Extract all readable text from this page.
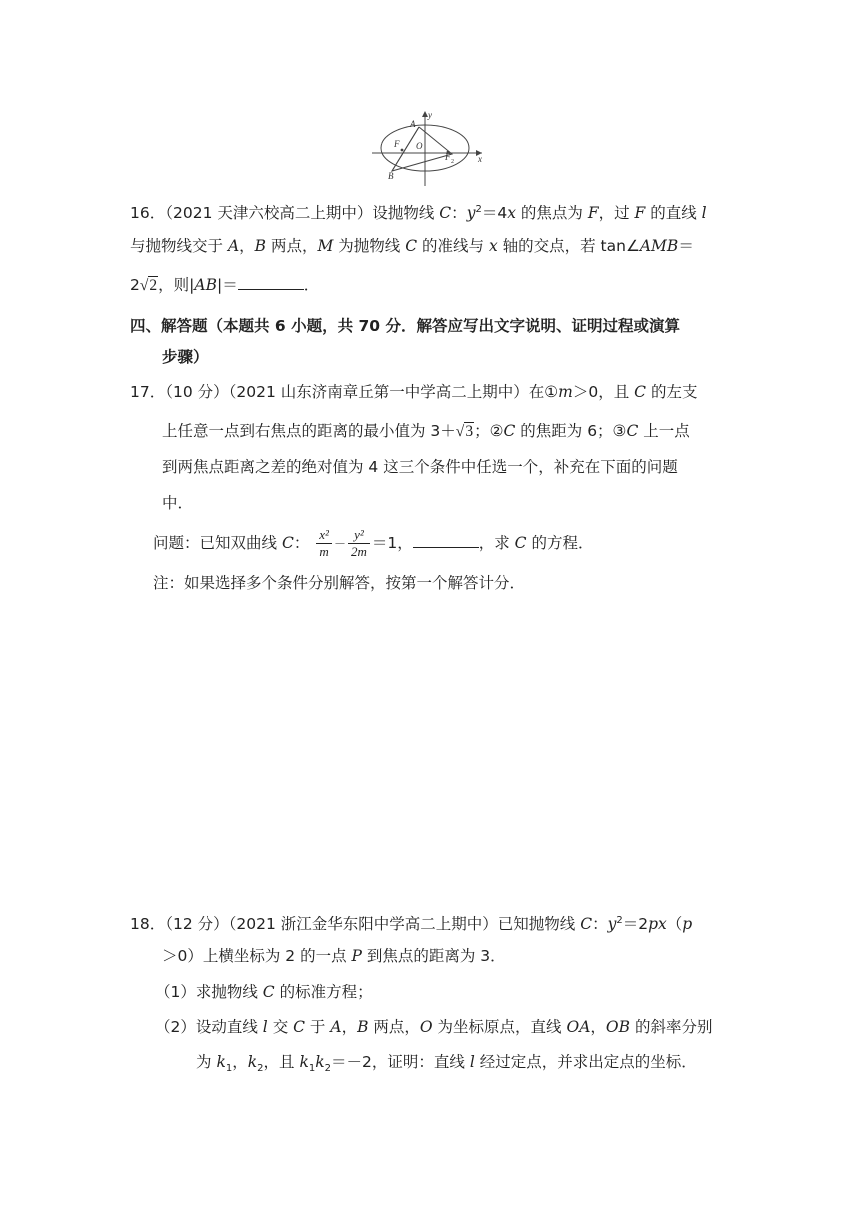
A
y
F O
F 2	x
B
16．（2021 天津六校高二上期中）设抛物线 C：$y^2=4x$ 的焦点为 F，过 F 的直线 l
与抛物线交于 A，B 两点，M 为抛物线 C 的准线与 x 轴的交点，若 tan∠AMB＝
2√2，则|AB|＝	．
四、解答题（本题共 6 小题，共 70 分．解答应写出文字说明、证明过程或演算
步骤）
17．（10 分）（2021 山东济南章丘第一中学高二上期中）在①m＞0，且 C 的左支
上任意一点到右焦点的距离的最小值为 3＋√3；②C 的焦距为 6；③C 上一点
到两焦点距离之差的绝对值为 4 这三个条件中任选一个，补充在下面的问题
中．
问题：已知双曲线 C： $\frac{\text{x²}}{m} - \frac{\text{y²}}{2m} =1$，	，求 C 的方程．
注：如果选择多个条件分别解答，按第一个解答计分．
18．（12 分）（2021 浙江金华东阳中学高二上期中）已知抛物线 C：$y^2=2px(p$
＞0）上横坐标为 2 的一点 P 到焦点的距离为 3．
（1）求抛物线 C 的标准方程；
（2）设动直线 l 交 C 于 A，B 两点，O 为坐标原点，直线 OA，OB 的斜率分别
为 $k_1$，$k_2$，且 $k_1k_2=-2$，证明：直线 l 经过定点，并求出定点的坐标．
